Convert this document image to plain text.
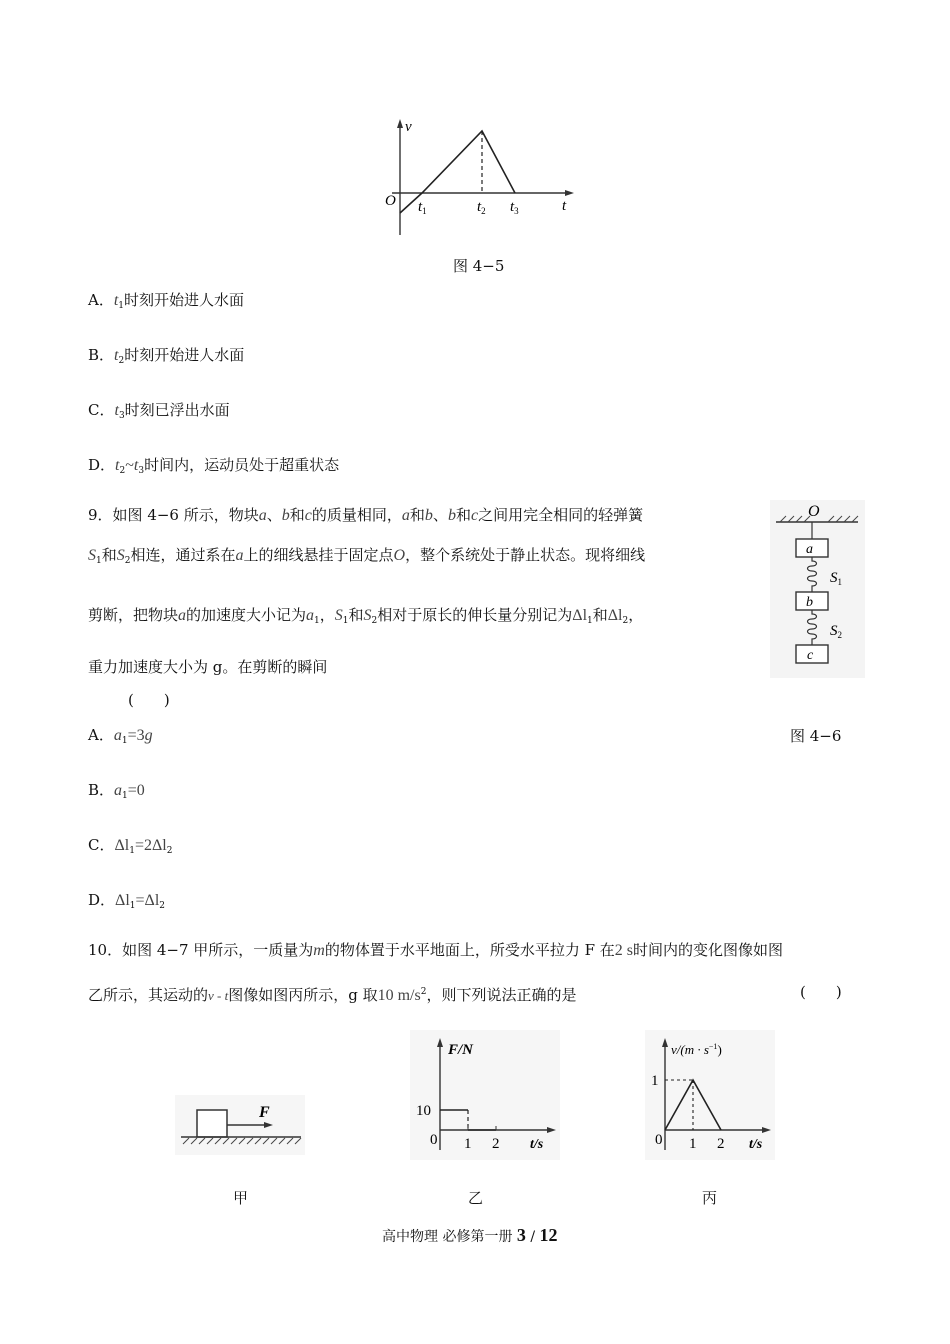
v
O $t_1$	$t_2$ $t_3$	t
图 4−5
A．$t_1$时刻开始进人水面
B．$t_2$时刻开始进人水面
C．$t_3$时刻已浮出水面
D．$t_2\sim t_3$时间内，运动员处于超重状态
9．如图 4−6 所示，物块a、b和c的质量相同，a和b、b和c之间用完全相同的轻弹簧
$S_1$和$S_2$相连，通过系在a上的细线悬挂于固定点O，整个系统处于静止状态。现将细线
剪断，把物块a的加速度大小记为$a_1$，$S_1$和$S_2$相对于原长的伸长量分别记为$\Delta l_1$和$\Delta l_2$，
重力加速度大小为 g。在剪断的瞬间
(　　)
A．$a_1=3g$
B．$a_1=0$
C．$\Delta l_1=2\Delta l_2$
D．$\Delta l_1=\Delta l_2$
O
a
$S_1$
b
$S_2$
c
图 4−6
10．如图 4−7 甲所示，一质量为m的物体置于水平地面上，所受水平拉力 F 在2 s时间内的变化图像如图
乙所示，其运动的v - t图像如图丙所示，g 取10 $m/s^2$，则下列说法正确的是	(　　)
F
甲
F/N
t/s
0 1 2
10
乙
$v/(m \cdot s^{-1})$
t/s
0 1 2
1
丙
高中物理 必修第一册 3 / 12
